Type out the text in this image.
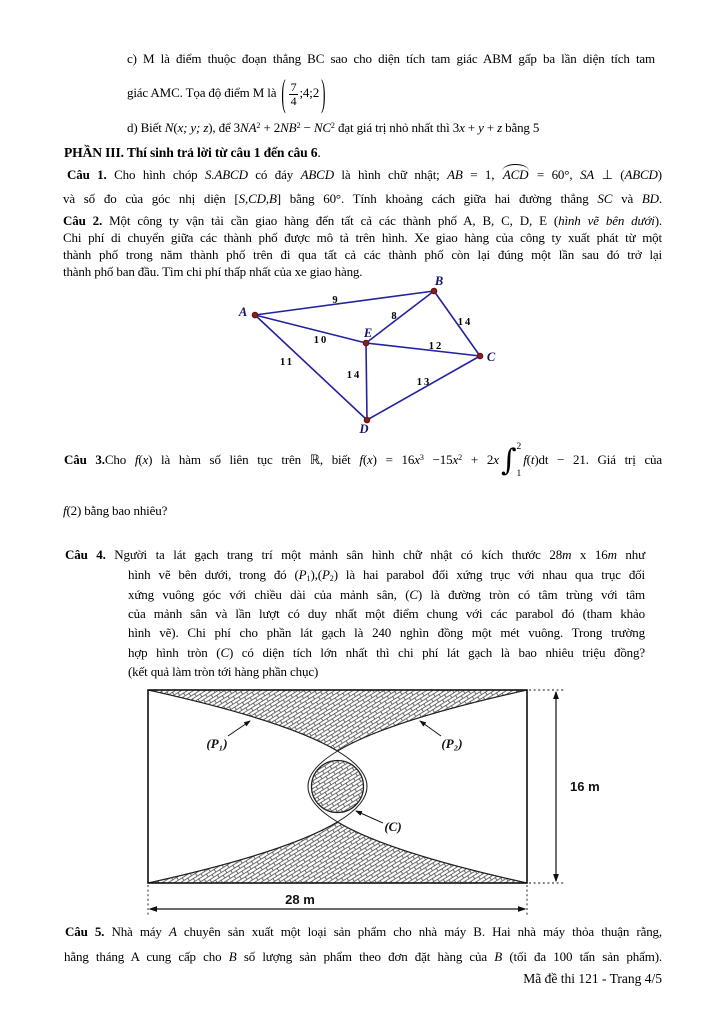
c) M là điểm thuộc đoạn thẳng BC sao cho diện tích tam giác ABM gấp ba lần diện tích tam
giác AMC. Tọa độ điểm M là ( $\frac{7}{4}$ ;4;2 )
d) Biết N(x; y; z), để $3NA^2 + 2NB^2 - NC^2$ đạt giá trị nhỏ nhất thì 3x + y + z bằng 5
PHẦN III. Thí sinh trả lời từ câu 1 đến câu 6.
Câu 1. Cho hình chóp S.ABCD có đáy ABCD là hình chữ nhật; AB = 1, ACD = 60°, SA ⊥ (ABCD)
và số đo của góc nhị diện [S,CD,B] bằng 60°. Tính khoảng cách giữa hai đường thẳng SC và BD.
Câu 2. Một công ty vận tải cần giao hàng đến tất cả các thành phố A, B, C, D, E (hình vẽ bên dưới).
Chi phí di chuyển giữa các thành phố được mô tả trên hình. Xe giao hàng của công ty xuất phát từ một
thành phố trong năm thành phố trên đi qua tất cả các thành phố còn lại đúng một lần sau đó trở lại
thành phố ban đầu. Tìm chi phí thấp nhất của xe giao hàng.
9
10
11
8
14
12
14
13
A
B
C
D
E
Câu 3.Cho f(x) là hàm số liên tục trên ℝ, biết $f(x) = 16x^3 -15x^2 + 2x$ ∫ 2
1
f(t)dt − 21. Giá trị của
f(2) bằng bao nhiêu?
Câu 4. Người ta lát gạch trang trí một mảnh sân hình chữ nhật có kích thước 28m x 16m như
hình vẽ bên dưới, trong đó $(P_1),(P_2)$ là hai parabol đối xứng trục với nhau qua trục đối
xứng vuông góc với chiều dài của mảnh sân, (C) là đường tròn có tâm trùng với tâm
của mảnh sân và lần lượt có duy nhất một điểm chung với các parabol đó (tham khảo
hình vẽ). Chi phí cho phần lát gạch là 240 nghìn đồng một mét vuông. Trong trường
hợp hình tròn (C) có diện tích lớn nhất thì chi phí lát gạch là bao nhiêu triệu đồng?
(kết quả làm tròn tới hàng phần chục)
(P₁)	(P₂)
(C)
16 m
28 m
Câu 5. Nhà máy A chuyên sản xuất một loại sản phẩm cho nhà máy B. Hai nhà máy thỏa thuận rằng,
hằng tháng A cung cấp cho B số lượng sản phẩm theo đơn đặt hàng của B (tối đa 100 tấn sản phẩm).
Mã đề thi 121 - Trang 4/5
